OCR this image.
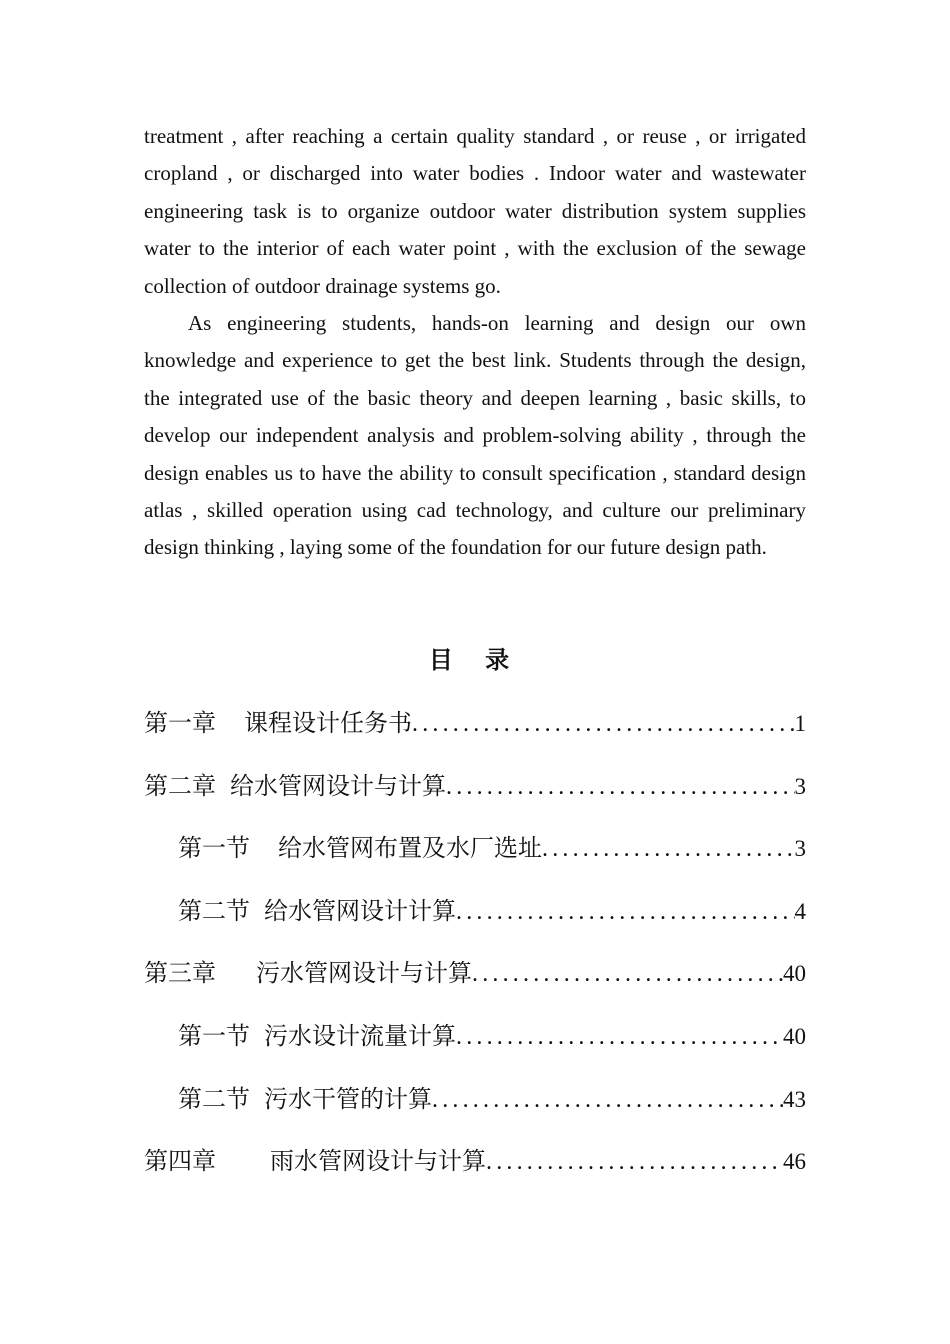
treatment , after reaching a certain quality standard , or reuse , or irrigated cropland , or discharged into water bodies . Indoor water and wastewater engineering task is to organize outdoor water distribution system supplies water to the interior of each water point , with the exclusion of the sewage collection of outdoor drainage systems go.

As engineering students, hands-on learning and design our own knowledge and experience to get the best link. Students through the design, the integrated use of the basic theory and deepen learning , basic skills, to develop our independent analysis and problem-solving ability , through the design enables us to have the ability to consult specification , standard design atlas , skilled operation using cad technology, and culture our preliminary design thinking , laying some of the foundation for our future design path.

目 录
第一章 课程设计任务书 .....	1
第二章 给水管网设计与计算 .....	3
第一节 给水管网布置及水厂选址 .....	3
第二节 给水管网设计计算 .....	4
第三章 污水管网设计与计算 .....	40
第一节 污水设计流量计算 .....	40
第二节 污水干管的计算 .....	43
第四章 雨水管网设计与计算 .....	46
